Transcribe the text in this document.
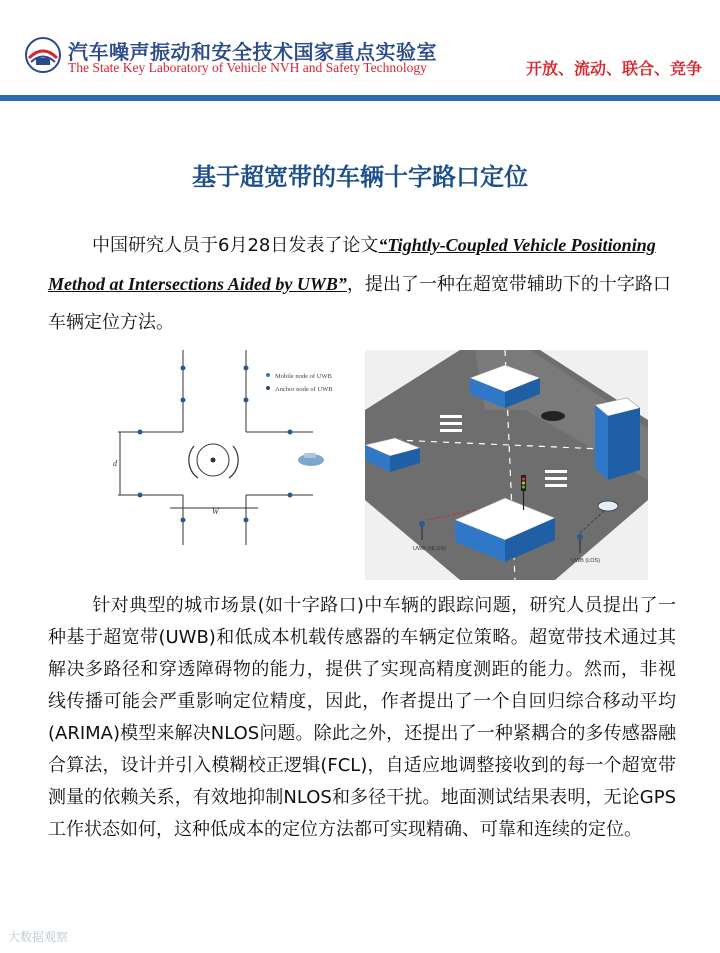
汽车噪声振动和安全技术国家重点实验室
The State Key Laboratory of Vehicle NVH and Safety Technology	开放、流动、联合、竞争
基于超宽带的车辆十字路口定位
中国研究人员于6月28日发表了论文“Tightly-Coupled Vehicle Positioning Method at Intersections Aided by UWB”，提出了一种在超宽带辅助下的十字路口车辆定位方法。
Mobile node of UWB
Anchor node of UWB
d
W
UWB (NLOS)
UWB (LOS)
针对典型的城市场景(如十字路口)中车辆的跟踪问题，研究人员提出了一种基于超宽带(UWB)和低成本机载传感器的车辆定位策略。超宽带技术通过其解决多路径和穿透障碍物的能力，提供了实现高精度测距的能力。然而，非视线传播可能会严重影响定位精度，因此，作者提出了一个自回归综合移动平均(ARIMA)模型来解决NLOS问题。除此之外，还提出了一种紧耦合的多传感器融合算法，设计并引入模糊校正逻辑(FCL)，自适应地调整接收到的每一个超宽带测量的依赖关系，有效地抑制NLOS和多径干扰。地面测试结果表明，无论GPS工作状态如何，这种低成本的定位方法都可实现精确、可靠和连续的定位。
大数据观察
